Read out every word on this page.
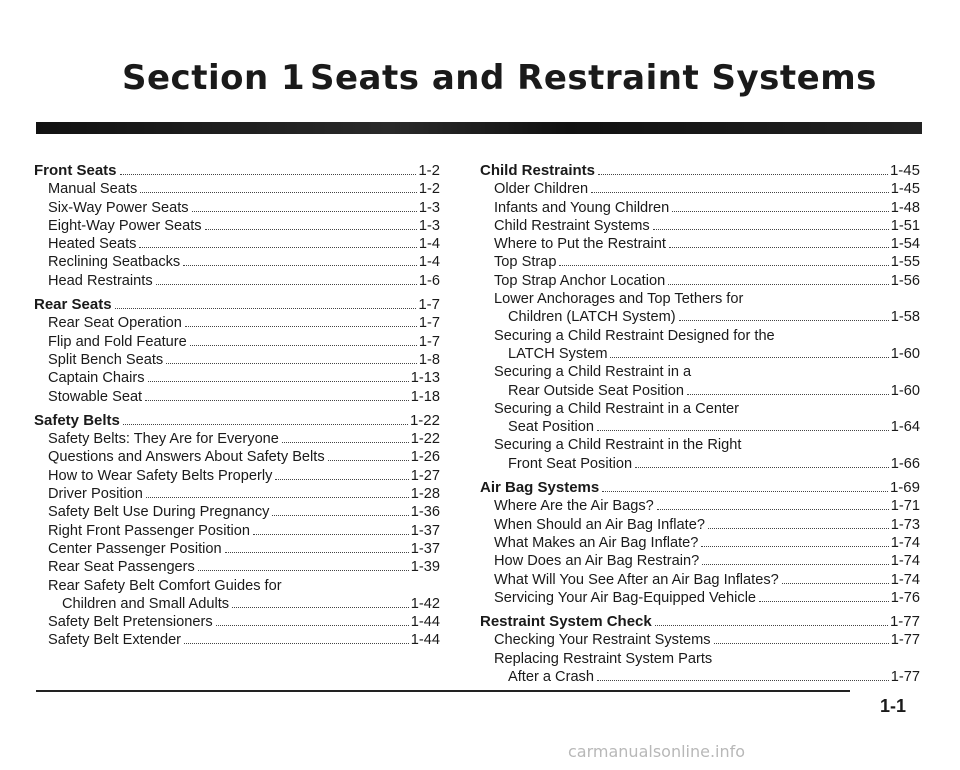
Section 1 Seats and Restraint Systems
Front Seats	1-2
Manual Seats	1-2
Six-Way Power Seats	1-3
Eight-Way Power Seats	1-3
Heated Seats	1-4
Reclining Seatbacks	1-4
Head Restraints	1-6
Rear Seats	1-7
Rear Seat Operation	1-7
Flip and Fold Feature	1-7
Split Bench Seats	1-8
Captain Chairs	1-13
Stowable Seat	1-18
Safety Belts	1-22
Safety Belts: They Are for Everyone	1-22
Questions and Answers About Safety Belts	1-26
How to Wear Safety Belts Properly	1-27
Driver Position	1-28
Safety Belt Use During Pregnancy	1-36
Right Front Passenger Position	1-37
Center Passenger Position	1-37
Rear Seat Passengers	1-39
Rear Safety Belt Comfort Guides for
Children and Small Adults	1-42
Safety Belt Pretensioners	1-44
Safety Belt Extender	1-44
Child Restraints	1-45
Older Children	1-45
Infants and Young Children	1-48
Child Restraint Systems	1-51
Where to Put the Restraint	1-54
Top Strap	1-55
Top Strap Anchor Location	1-56
Lower Anchorages and Top Tethers for
Children (LATCH System)	1-58
Securing a Child Restraint Designed for the
LATCH System	1-60
Securing a Child Restraint in a
Rear Outside Seat Position	1-60
Securing a Child Restraint in a Center
Seat Position	1-64
Securing a Child Restraint in the Right
Front Seat Position	1-66
Air Bag Systems	1-69
Where Are the Air Bags?	1-71
When Should an Air Bag Inflate?	1-73
What Makes an Air Bag Inflate?	1-74
How Does an Air Bag Restrain?	1-74
What Will You See After an Air Bag Inflates?	1-74
Servicing Your Air Bag-Equipped Vehicle	1-76
Restraint System Check	1-77
Checking Your Restraint Systems	1-77
Replacing Restraint System Parts
After a Crash	1-77
1-1
carmanualsonline.info
